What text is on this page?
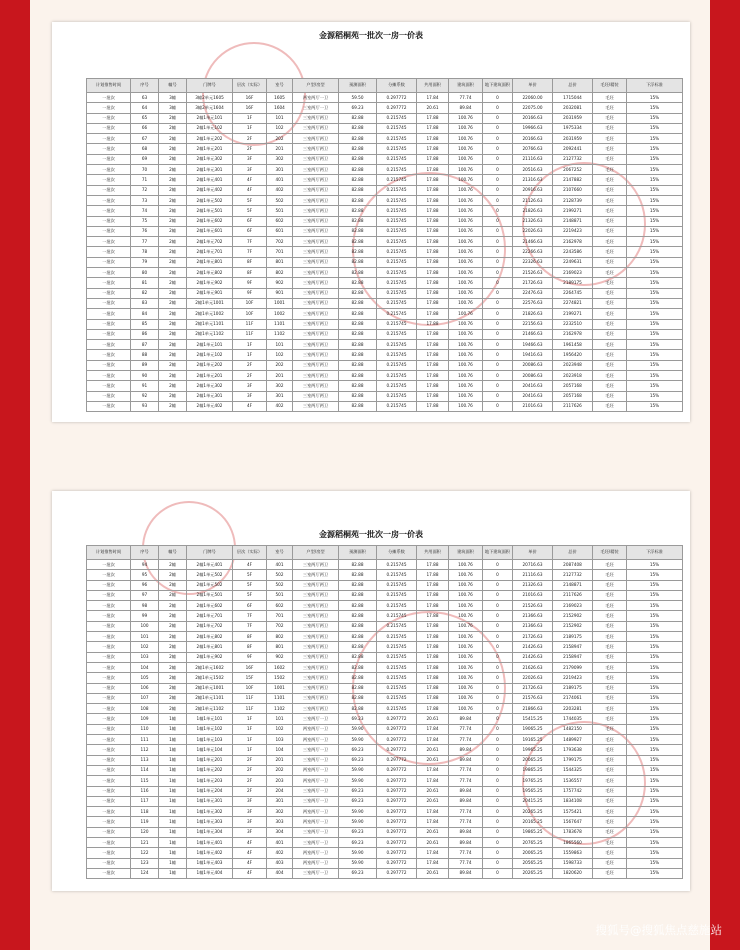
金源稻桐苑一批次一房一价表
计划推售时间	序号	幢号	门牌号	层次（实际）	室号	户型/房型	预测面积	分摊系数	共用面积	建筑面积	地下建筑面积	单价	总价	毛坯/精装	下浮标准
一批次	63	3幢	3幢2单元1605	16F	1605	两室两厅一卫	59.50	0.297772	17.84	77.74	0	22060.00	1715044	毛坯	15%
一批次	64	3幢	3幢2单元1604	16F	1604	三室两厅一卫	69.23	0.297772	20.61	89.84	0	22075.00	2032081	毛坯	15%
一批次	65	2幢	2幢1单元101	1F	101	三室两厅两卫	82.88	0.215745	17.88	100.76	0	20166.63	2031959	毛坯	15%
一批次	66	2幢	2幢1单元102	1F	102	三室两厅两卫	82.88	0.215745	17.88	100.76	0	19966.63	1975334	毛坯	15%
一批次	67	2幢	2幢1单元202	2F	202	三室两厅两卫	82.88	0.215745	17.88	100.76	0	20166.63	2031959	毛坯	15%
一批次	68	2幢	2幢1单元201	2F	201	三室两厅两卫	82.88	0.215745	17.88	100.76	0	20766.63	2092441	毛坯	15%
一批次	69	2幢	2幢1单元302	3F	302	三室两厅两卫	82.88	0.215745	17.88	100.76	0	21116.63	2127732	毛坯	15%
一批次	70	2幢	2幢1单元301	3F	301	三室两厅两卫	82.88	0.215745	17.88	100.76	0	20516.63	2067252	毛坯	15%
一批次	71	2幢	2幢1单元401	4F	401	三室两厅两卫	82.88	0.215745	17.88	100.76	0	21316.63	2147882	毛坯	15%
一批次	72	2幢	2幢1单元402	4F	402	三室两厅两卫	82.88	0.215745	17.88	100.76	0	20916.63	2107660	毛坯	15%
一批次	73	2幢	2幢1单元502	5F	502	三室两厅两卫	82.88	0.215745	17.88	100.76	0	21126.63	2128739	毛坯	15%
一批次	74	2幢	2幢1单元501	5F	501	三室两厅两卫	82.88	0.215745	17.88	100.76	0	21826.63	2199271	毛坯	15%
一批次	75	2幢	2幢1单元602	6F	602	三室两厅两卫	82.88	0.215745	17.88	100.76	0	21326.63	2148871	毛坯	15%
一批次	76	2幢	2幢1单元601	6F	601	三室两厅两卫	82.88	0.215745	17.88	100.76	0	22026.63	2219423	毛坯	15%
一批次	77	2幢	2幢1单元702	7F	702	三室两厅两卫	82.88	0.215745	17.88	100.76	0	21466.63	2162978	毛坯	15%
一批次	78	2幢	2幢1单元701	7F	701	三室两厅两卫	82.88	0.215745	17.88	100.76	0	22266.63	2243586	毛坯	15%
一批次	79	2幢	2幢1单元801	8F	801	三室两厅两卫	82.88	0.215745	17.88	100.76	0	22326.63	2249631	毛坯	15%
一批次	80	2幢	2幢1单元802	8F	802	三室两厅两卫	82.88	0.215745	17.88	100.76	0	21526.63	2169023	毛坯	15%
一批次	81	2幢	2幢1单元902	9F	902	三室两厅两卫	82.88	0.215745	17.88	100.76	0	21726.63	2189175	毛坯	15%
一批次	82	2幢	2幢1单元901	9F	901	三室两厅两卫	82.88	0.215745	17.88	100.76	0	22476.63	2264745	毛坯	15%
一批次	83	2幢	2幢1单元1001	10F	1001	三室两厅两卫	82.88	0.215745	17.88	100.76	0	22576.63	2274821	毛坯	15%
一批次	84	2幢	2幢1单元1002	10F	1002	三室两厅两卫	82.88	0.215745	17.88	100.76	0	21826.63	2199271	毛坯	15%
一批次	85	2幢	2幢1单元1101	11F	1101	三室两厅两卫	82.88	0.215745	17.88	100.76	0	22156.63	2232510	毛坯	15%
一批次	86	2幢	2幢1单元1102	11F	1102	三室两厅两卫	82.88	0.215745	17.88	100.76	0	21466.63	2162978	毛坯	15%
一批次	87	2幢	2幢1单元101	1F	101	三室两厅两卫	82.88	0.215745	17.88	100.76	0	19466.63	1961458	毛坯	15%
一批次	88	2幢	2幢1单元102	1F	102	三室两厅两卫	82.88	0.215745	17.88	100.76	0	19416.63	1956420	毛坯	15%
一批次	89	2幢	2幢1单元202	2F	202	三室两厅两卫	82.88	0.215745	17.88	100.76	0	20086.63	2023948	毛坯	15%
一批次	90	2幢	2幢1单元201	2F	201	三室两厅两卫	82.88	0.215745	17.88	100.76	0	20086.63	2023918	毛坯	15%
一批次	91	2幢	2幢1单元302	3F	302	三室两厅两卫	82.88	0.215745	17.88	100.76	0	20416.63	2057168	毛坯	15%
一批次	92	2幢	2幢1单元301	3F	301	三室两厅两卫	82.88	0.215745	17.88	100.76	0	20416.63	2057168	毛坯	15%
一批次	93	2幢	2幢1单元402	4F	402	三室两厅两卫	82.88	0.215745	17.88	100.76	0	21016.63	2117626	毛坯	15%
金源稻桐苑一批次一房一价表
计划推售时间	序号	幢号	门牌号	层次（实际）	室号	户型/房型	预测面积	分摊系数	共用面积	建筑面积	地下建筑面积	单价	总价	毛坯/精装	下浮标准
一批次	94	2幢	2幢1单元401	4F	401	三室两厅两卫	82.88	0.215745	17.88	100.76	0	20716.63	2087408	毛坯	15%
一批次	95	2幢	2幢1单元502	5F	502	三室两厅两卫	82.88	0.215745	17.88	100.76	0	21116.63	2127732	毛坯	15%
一批次	96	2幢	2幢1单元502	5F	502	三室两厅两卫	82.88	0.215745	17.88	100.76	0	21326.63	2148871	毛坯	15%
一批次	97	2幢	2幢1单元501	5F	501	三室两厅两卫	82.88	0.215745	17.88	100.76	0	21016.63	2117626	毛坯	15%
一批次	98	2幢	2幢1单元602	6F	602	三室两厅两卫	82.88	0.215745	17.88	100.76	0	21526.63	2169023	毛坯	15%
一批次	99	2幢	2幢1单元701	7F	701	三室两厅两卫	82.88	0.215745	17.88	100.76	0	21366.63	2152902	毛坯	15%
一批次	100	2幢	2幢1单元702	7F	702	三室两厅两卫	82.88	0.215745	17.88	100.76	0	21366.63	2152902	毛坯	15%
一批次	101	2幢	2幢1单元802	8F	802	三室两厅两卫	82.88	0.215745	17.88	100.76	0	21726.63	2189175	毛坯	15%
一批次	102	2幢	2幢1单元801	8F	801	三室两厅两卫	82.88	0.215745	17.88	100.76	0	21426.63	2158947	毛坯	15%
一批次	103	2幢	2幢1单元902	9F	902	三室两厅两卫	82.88	0.215745	17.88	100.76	0	21426.63	2158947	毛坯	15%
一批次	104	2幢	2幢1单元1602	16F	1602	三室两厅两卫	82.88	0.215745	17.88	100.76	0	21626.63	2179099	毛坯	15%
一批次	105	2幢	2幢1单元1502	15F	1502	三室两厅两卫	82.88	0.215745	17.88	100.76	0	22026.63	2219423	毛坯	15%
一批次	106	2幢	2幢1单元1001	10F	1001	三室两厅两卫	82.88	0.215745	17.88	100.76	0	21726.63	2189175	毛坯	15%
一批次	107	2幢	2幢1单元1101	11F	1101	三室两厅两卫	82.88	0.215745	17.88	100.76	0	21576.63	2174061	毛坯	15%
一批次	108	2幢	2幢1单元1102	11F	1102	三室两厅两卫	82.88	0.215745	17.88	100.76	0	21866.63	2203281	毛坯	15%
一批次	109	1幢	1幢1单元101	1F	101	三室两厅一卫	69.23	0.297772	20.61	89.84	0	15415.25	1744035	毛坯	15%
一批次	110	1幢	1幢1单元102	1F	102	两室两厅一卫	59.90	0.297772	17.84	77.74	0	19065.25	1482150	毛坯	15%
一批次	111	1幢	1幢1单元103	1F	103	两室两厅一卫	59.90	0.297772	17.84	77.74	0	19165.25	1489927	毛坯	15%
一批次	112	1幢	1幢1单元104	1F	104	三室两厅一卫	69.23	0.297772	20.61	89.84	0	19965.25	1793638	毛坯	15%
一批次	113	1幢	1幢1单元201	2F	201	三室两厅一卫	69.23	0.297772	20.61	89.84	0	20065.25	1799175	毛坯	15%
一批次	114	1幢	1幢1单元202	2F	202	两室两厅一卫	59.90	0.297772	17.84	77.74	0	19865.25	1544325	毛坯	15%
一批次	115	1幢	1幢1单元203	2F	203	两室两厅一卫	59.90	0.297772	17.84	77.74	0	19765.25	1536557	毛坯	15%
一批次	116	1幢	1幢1单元204	2F	204	三室两厅一卫	69.23	0.297772	20.61	89.84	0	19565.25	1757742	毛坯	15%
一批次	117	1幢	1幢1单元301	3F	301	三室两厅一卫	69.23	0.297772	20.61	89.84	0	20415.25	1834108	毛坯	15%
一批次	118	1幢	1幢1单元302	3F	302	两室两厅一卫	59.90	0.297772	17.84	77.74	0	20265.25	1575421	毛坯	15%
一批次	119	1幢	1幢1单元303	3F	303	两室两厅一卫	59.90	0.297772	17.84	77.74	0	20165.25	1567647	毛坯	15%
一批次	120	1幢	1幢1单元304	3F	304	三室两厅一卫	69.23	0.297772	20.61	89.84	0	19865.25	1783678	毛坯	15%
一批次	121	1幢	1幢1单元401	4F	401	三室两厅一卫	69.23	0.297772	20.61	89.84	0	20765.25	1865560	毛坯	15%
一批次	122	1幢	1幢1单元402	4F	402	两室两厅一卫	59.90	0.297772	17.84	77.74	0	20065.25	1559863	毛坯	15%
一批次	123	1幢	1幢1单元403	4F	403	两室两厅一卫	59.90	0.297772	17.84	77.74	0	20565.25	1598733	毛坯	15%
一批次	124	1幢	1幢1单元404	4F	404	三室两厅一卫	69.23	0.297772	20.61	89.84	0	20265.25	1820620	毛坯	15%
搜狐号@搜狐焦点慈施站
